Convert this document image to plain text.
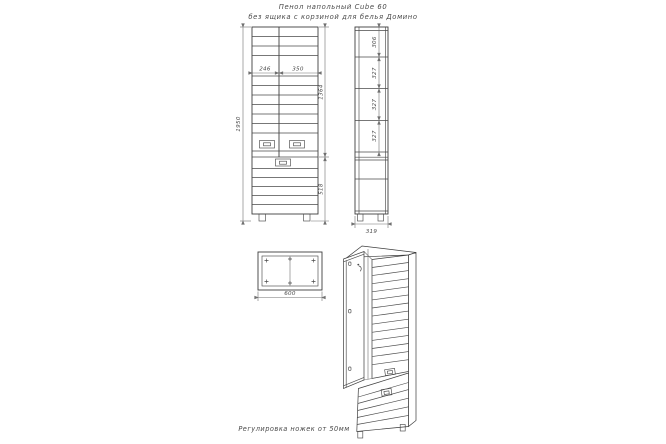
Пенол напольный Cube 60
без ящика с корзиной для белья Домино
246	350
1950
1364
518
306
327
327
327
319
600
Регулировка ножек от 50мм
